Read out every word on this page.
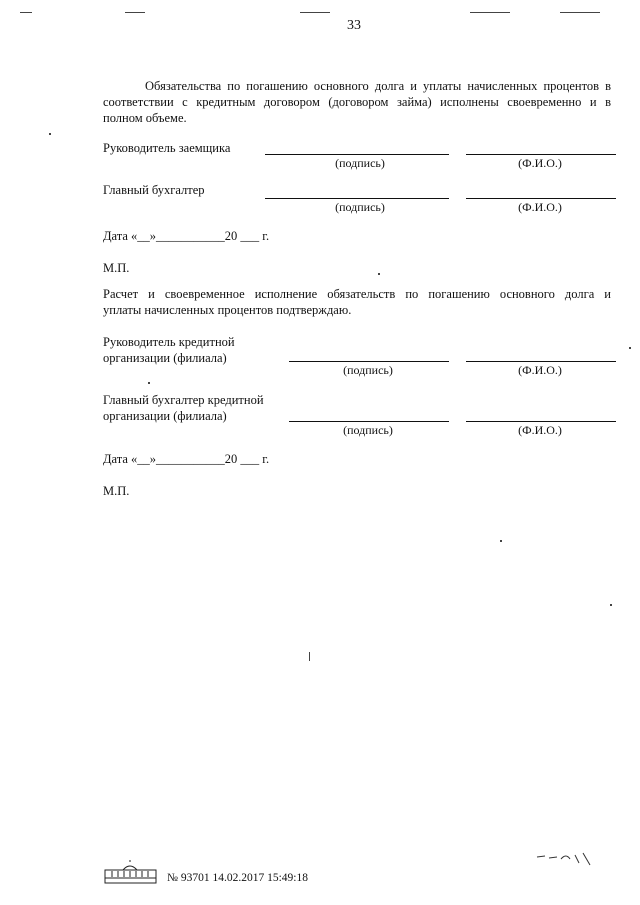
33
Обязательства по погашению основного долга и уплаты начисленных процентов в
соответствии с кредитным договором (договором займа) исполнены своевременно и в
полном объеме.
Руководитель заемщика
(подпись)	(Ф.И.О.)
Главный бухгалтер
(подпись)	(Ф.И.О.)
Дата «__»___________20 ___ г.
М.П.
Расчет и своевременное исполнение обязательств по погашению основного долга и
уплаты начисленных процентов подтверждаю.
Руководитель кредитной
организации (филиала)
(подпись)	(Ф.И.О.)
Главный бухгалтер кредитной
организации (филиала)
(подпись)	(Ф.И.О.)
Дата «__»___________20 ___ г.
М.П.
№ 93701 14.02.2017 15:49:18
